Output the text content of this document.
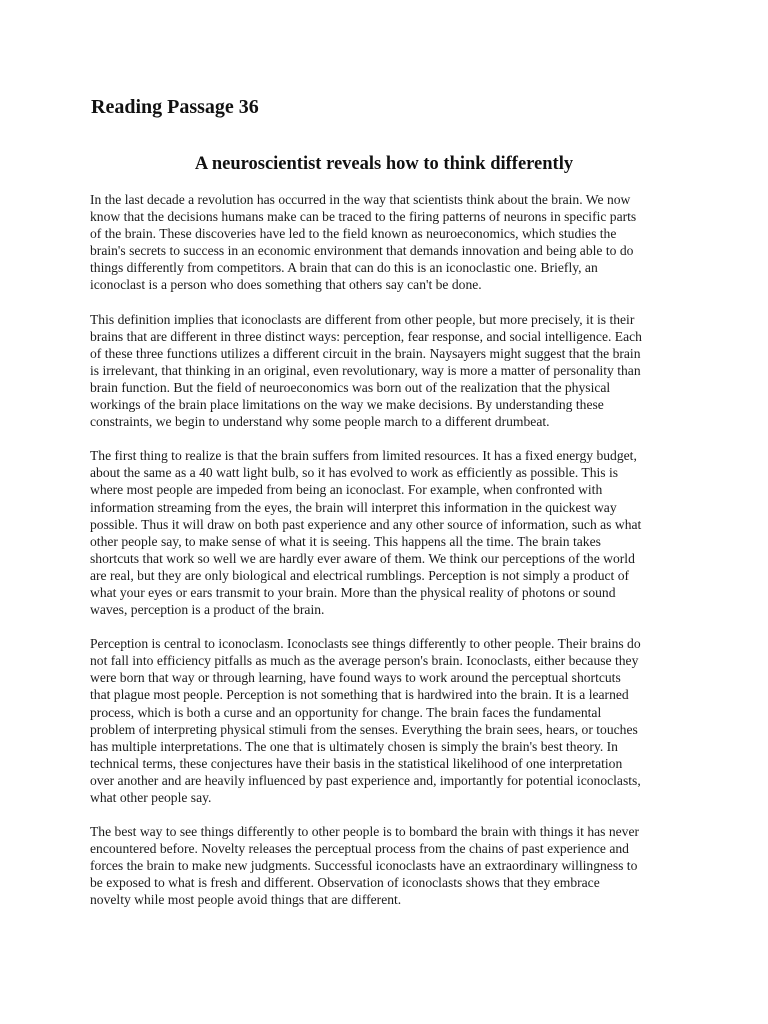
Reading Passage 36
A neuroscientist reveals how to think differently

In the last decade a revolution has occurred in the way that scientists think about the brain. We now
know that the decisions humans make can be traced to the firing patterns of neurons in specific parts
of the brain. These discoveries have led to the field known as neuroeconomics, which studies the
brain's secrets to success in an economic environment that demands innovation and being able to do
things differently from competitors. A brain that can do this is an iconoclastic one. Briefly, an
iconoclast is a person who does something that others say can't be done.

This definition implies that iconoclasts are different from other people, but more precisely, it is their
brains that are different in three distinct ways: perception, fear response, and social intelligence. Each
of these three functions utilizes a different circuit in the brain. Naysayers might suggest that the brain
is irrelevant, that thinking in an original, even revolutionary, way is more a matter of personality than
brain function. But the field of neuroeconomics was born out of the realization that the physical
workings of the brain place limitations on the way we make decisions. By understanding these
constraints, we begin to understand why some people march to a different drumbeat.

The first thing to realize is that the brain suffers from limited resources. It has a fixed energy budget,
about the same as a 40 watt light bulb, so it has evolved to work as efficiently as possible. This is
where most people are impeded from being an iconoclast. For example, when confronted with
information streaming from the eyes, the brain will interpret this information in the quickest way
possible. Thus it will draw on both past experience and any other source of information, such as what
other people say, to make sense of what it is seeing. This happens all the time. The brain takes
shortcuts that work so well we are hardly ever aware of them. We think our perceptions of the world
are real, but they are only biological and electrical rumblings. Perception is not simply a product of
what your eyes or ears transmit to your brain. More than the physical reality of photons or sound
waves, perception is a product of the brain.

Perception is central to iconoclasm. Iconoclasts see things differently to other people. Their brains do
not fall into efficiency pitfalls as much as the average person's brain. Iconoclasts, either because they
were born that way or through learning, have found ways to work around the perceptual shortcuts
that plague most people. Perception is not something that is hardwired into the brain. It is a learned
process, which is both a curse and an opportunity for change. The brain faces the fundamental
problem of interpreting physical stimuli from the senses. Everything the brain sees, hears, or touches
has multiple interpretations. The one that is ultimately chosen is simply the brain's best theory. In
technical terms, these conjectures have their basis in the statistical likelihood of one interpretation
over another and are heavily influenced by past experience and, importantly for potential iconoclasts,
what other people say.

The best way to see things differently to other people is to bombard the brain with things it has never
encountered before. Novelty releases the perceptual process from the chains of past experience and
forces the brain to make new judgments. Successful iconoclasts have an extraordinary willingness to
be exposed to what is fresh and different. Observation of iconoclasts shows that they embrace
novelty while most people avoid things that are different.
